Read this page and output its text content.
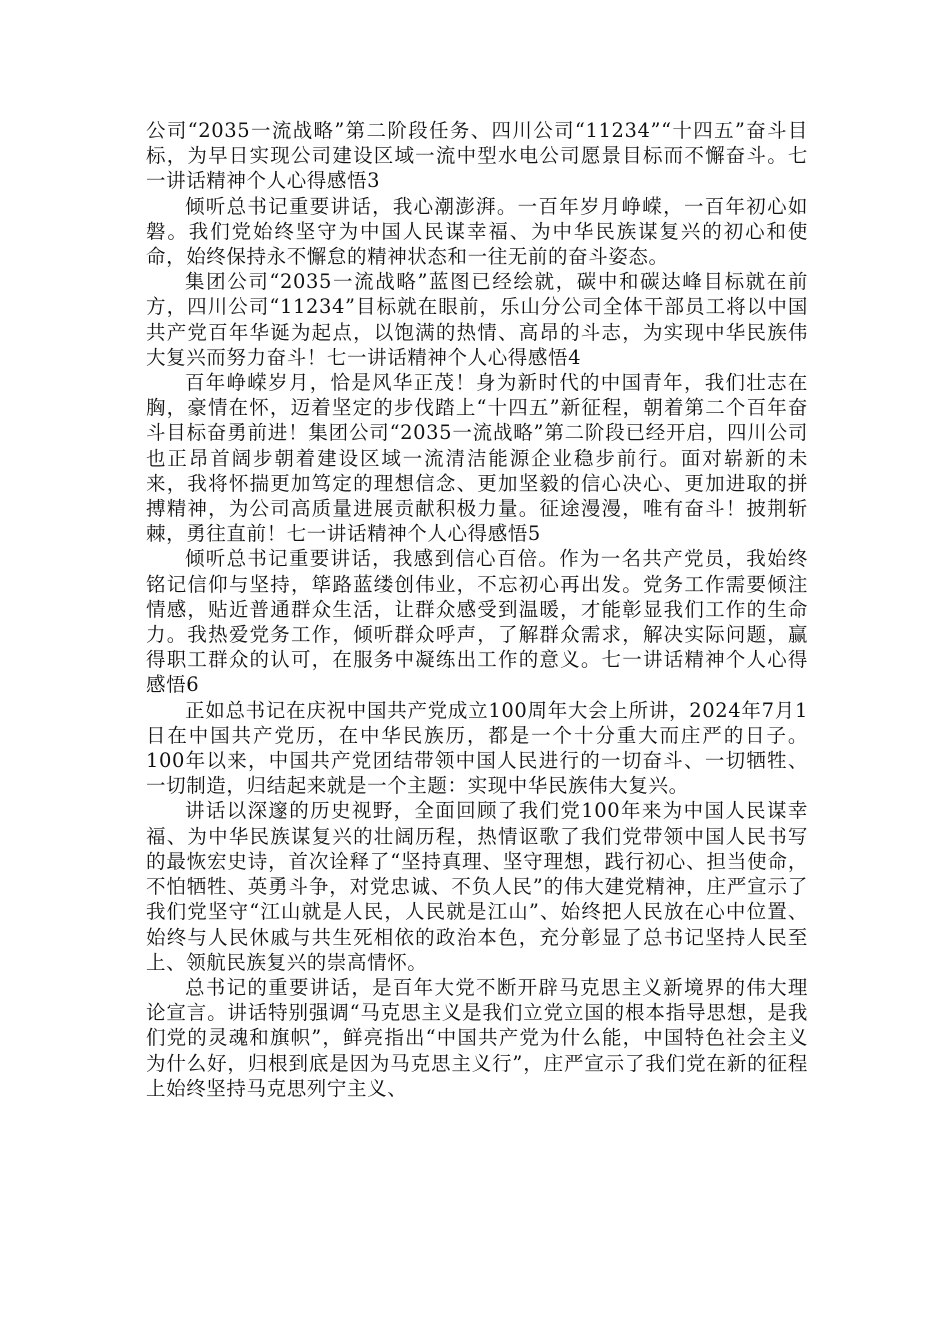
公司“2035一流战略”第二阶段任务、四川公司“11234”“十四五”奋斗目标，为早日实现公司建设区域一流中型水电公司愿景目标而不懈奋斗。七一讲话精神个人心得感悟3

倾听总书记重要讲话，我心潮澎湃。一百年岁月峥嵘，一百年初心如磐。我们党始终坚守为中国人民谋幸福、为中华民族谋复兴的初心和使命，始终保持永不懈怠的精神状态和一往无前的奋斗姿态。

集团公司“2035一流战略”蓝图已经绘就，碳中和碳达峰目标就在前方，四川公司“11234”目标就在眼前，乐山分公司全体干部员工将以中国共产党百年华诞为起点，以饱满的热情、高昂的斗志，为实现中华民族伟大复兴而努力奋斗！七一讲话精神个人心得感悟4

百年峥嵘岁月，恰是风华正茂！身为新时代的中国青年，我们壮志在胸，豪情在怀，迈着坚定的步伐踏上“十四五”新征程，朝着第二个百年奋斗目标奋勇前进！集团公司“2035一流战略”第二阶段已经开启，四川公司也正昂首阔步朝着建设区域一流清洁能源企业稳步前行。面对崭新的未来，我将怀揣更加笃定的理想信念、更加坚毅的信心决心、更加进取的拼搏精神，为公司高质量进展贡献积极力量。征途漫漫，唯有奋斗！披荆斩棘，勇往直前！七一讲话精神个人心得感悟5

倾听总书记重要讲话，我感到信心百倍。作为一名共产党员，我始终铭记信仰与坚持，筚路蓝缕创伟业，不忘初心再出发。党务工作需要倾注情感，贴近普通群众生活，让群众感受到温暖，才能彰显我们工作的生命力。我热爱党务工作，倾听群众呼声，了解群众需求，解决实际问题，赢得职工群众的认可，在服务中凝练出工作的意义。七一讲话精神个人心得感悟6

正如总书记在庆祝中国共产党成立100周年大会上所讲，2024年7月1日在中国共产党历，在中华民族历，都是一个十分重大而庄严的日子。100年以来，中国共产党团结带领中国人民进行的一切奋斗、一切牺牲、一切制造，归结起来就是一个主题：实现中华民族伟大复兴。

讲话以深邃的历史视野，全面回顾了我们党100年来为中国人民谋幸福、为中华民族谋复兴的壮阔历程，热情讴歌了我们党带领中国人民书写的最恢宏史诗，首次诠释了“坚持真理、坚守理想，践行初心、担当使命，不怕牺牲、英勇斗争，对党忠诚、不负人民”的伟大建党精神，庄严宣示了我们党坚守“江山就是人民，人民就是江山”、始终把人民放在心中位置、始终与人民休戚与共生死相依的政治本色，充分彰显了总书记坚持人民至上、领航民族复兴的崇高情怀。

总书记的重要讲话，是百年大党不断开辟马克思主义新境界的伟大理论宣言。讲话特别强调“马克思主义是我们立党立国的根本指导思想，是我们党的灵魂和旗帜”，鲜亮指出“中国共产党为什么能，中国特色社会主义为什么好，归根到底是因为马克思主义行”，庄严宣示了我们党在新的征程上始终坚持马克思列宁主义、
